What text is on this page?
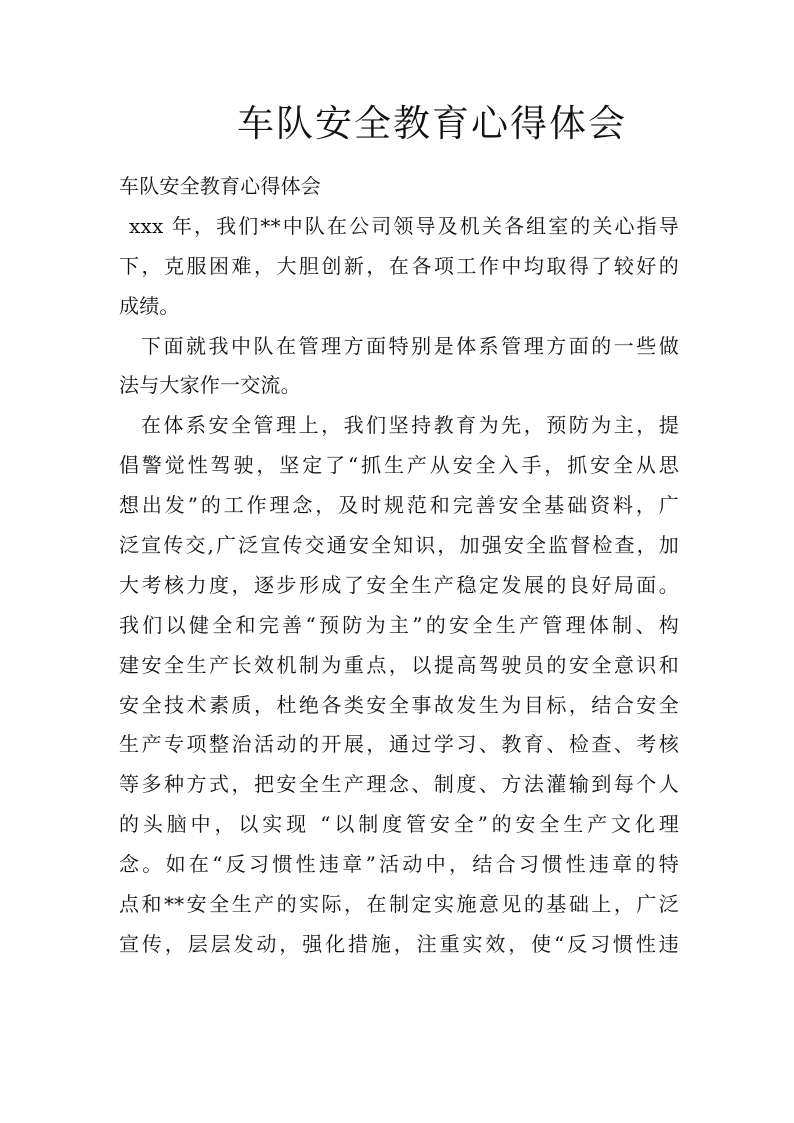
车队安全教育心得体会
车队安全教育心得体会
xxx 年，我们**中队在公司领导及机关各组室的关心指导
下，克服困难，大胆创新，在各项工作中均取得了较好的
成绩。
下面就我中队在管理方面特别是体系管理方面的一些做
法与大家作一交流。
在体系安全管理上，我们坚持教育为先，预防为主，提
倡警觉性驾驶，坚定了“抓生产从安全入手，抓安全从思
想出发”的工作理念，及时规范和完善安全基础资料，广
泛宣传交,广泛宣传交通安全知识，加强安全监督检查，加
大考核力度，逐步形成了安全生产稳定发展的良好局面。
我们以健全和完善“预防为主”的安全生产管理体制、构
建安全生产长效机制为重点，以提高驾驶员的安全意识和
安全技术素质，杜绝各类安全事故发生为目标，结合安全
生产专项整治活动的开展，通过学习、教育、检查、考核
等多种方式，把安全生产理念、制度、方法灌输到每个人
的头脑中，以实现 “以制度管安全”的安全生产文化理
念。如在“反习惯性违章”活动中，结合习惯性违章的特
点和**安全生产的实际，在制定实施意见的基础上，广泛
宣传，层层发动，强化措施，注重实效，使“反习惯性违
